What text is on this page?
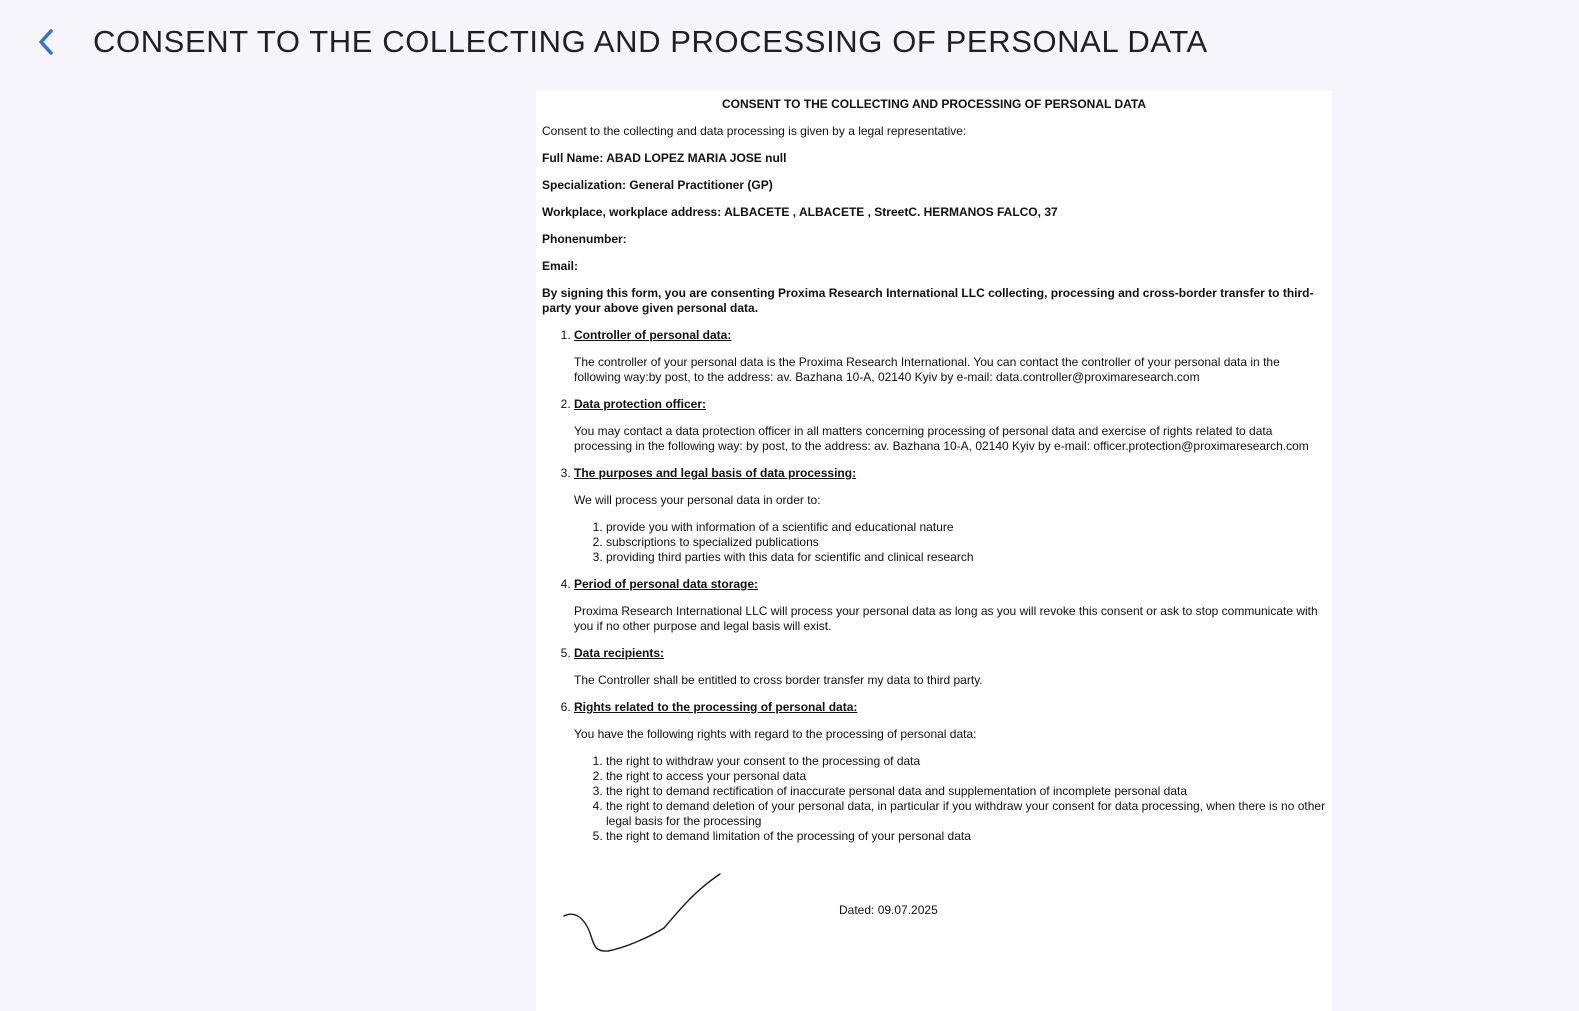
CONSENT TO THE COLLECTING AND PROCESSING OF PERSONAL DATA
CONSENT TO THE COLLECTING AND PROCESSING OF PERSONAL DATA

Consent to the collecting and data processing is given by a legal representative:

Full Name: ABAD LOPEZ MARIA JOSE null

Specialization: General Practitioner (GP)

Workplace, workplace address: ALBACETE , ALBACETE , StreetC. HERMANOS FALCO, 37

Phonenumber:

Email:

By signing this form, you are consenting Proxima Research International LLC collecting, processing and cross-border transfer to third-party your above given personal data.

1. Controller of personal data:
The controller of your personal data is the Proxima Research International. You can contact the controller of your personal data in the following way:by post, to the address: av. Bazhana 10-A, 02140 Kyiv by e-mail: data.controller@proximaresearch.com
2. Data protection officer:
You may contact a data protection officer in all matters concerning processing of personal data and exercise of rights related to data processing in the following way: by post, to the address: av. Bazhana 10-A, 02140 Kyiv by e-mail: officer.protection@proximaresearch.com
3. The purposes and legal basis of data processing:
We will process your personal data in order to:
1. provide you with information of a scientific and educational nature
2. subscriptions to specialized publications
3. providing third parties with this data for scientific and clinical research
4. Period of personal data storage:
Proxima Research International LLC will process your personal data as long as you will revoke this consent or ask to stop communicate with you if no other purpose and legal basis will exist.
5. Data recipients:
The Controller shall be entitled to cross border transfer my data to third party.
6. Rights related to the processing of personal data:
You have the following rights with regard to the processing of personal data:
1. the right to withdraw your consent to the processing of data
2. the right to access your personal data
3. the right to demand rectification of inaccurate personal data and supplementation of incomplete personal data
4. the right to demand deletion of your personal data, in particular if you withdraw your consent for data processing, when there is no other legal basis for the processing
5. the right to demand limitation of the processing of your personal data
Dated: 09.07.2025
